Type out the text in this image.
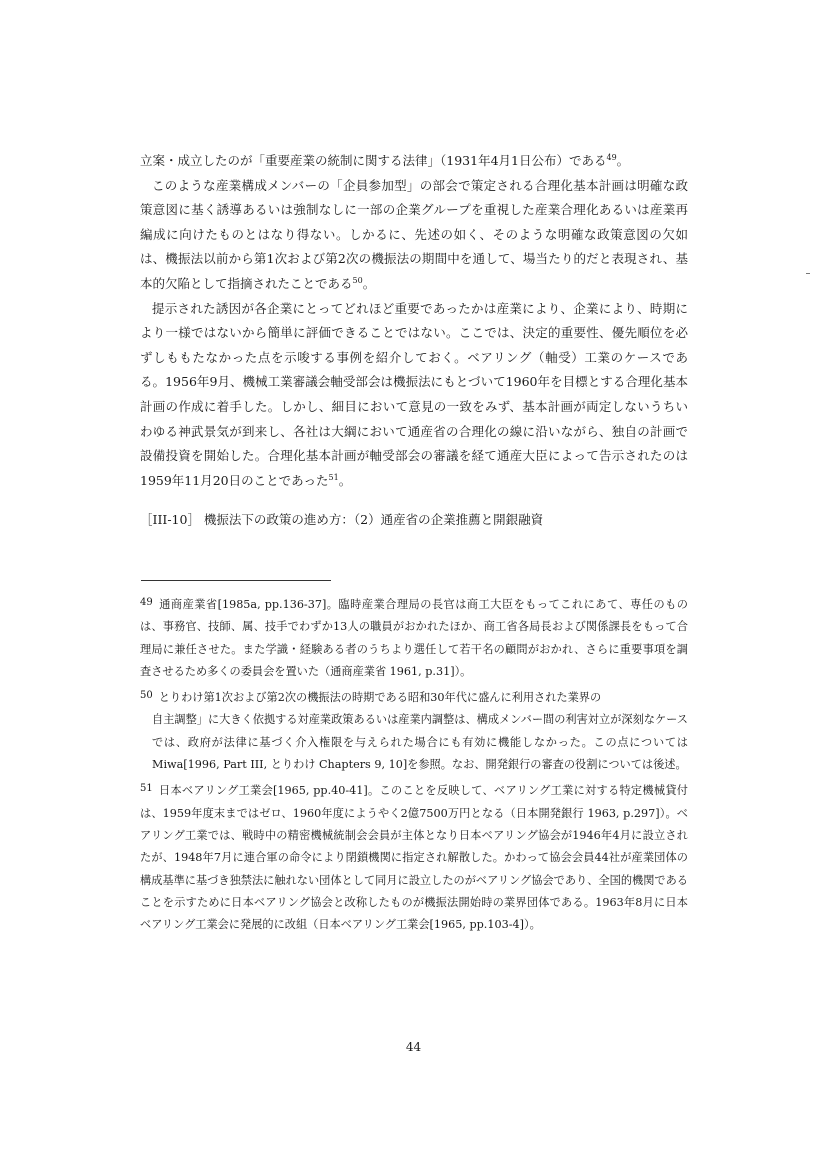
立案・成立したのが「重要産業の統制に関する法律」（1931年4月1日公布）である$^{49}$。

このような産業構成メンバーの「企員参加型」の部会で策定される合理化基本計画は明確な政策意図に基く誘導あるいは強制なしに一部の企業グループを重視した産業合理化あるいは産業再編成に向けたものとはなり得ない。しかるに、先述の如く、そのような明確な政策意図の欠如は、機振法以前から第1次および第2次の機振法の期間中を通して、場当たり的だと表現され、基本的欠陥として指摘されたことである$^{50}$。

提示された誘因が各企業にとってどれほど重要であったかは産業により、企業により、時期により一様ではないから簡単に評価できることではない。ここでは、決定的重要性、優先順位を必ずしももたなかった点を示唆する事例を紹介しておく。ベアリング（軸受）工業のケースである。1956年9月、機械工業審議会軸受部会は機振法にもとづいて1960年を目標とする合理化基本計画の作成に着手した。しかし、細目において意見の一致をみず、基本計画が両定しないうちいわゆる神武景気が到来し、各社は大綱において通産省の合理化の線に沿いながら、独自の計画で設備投資を開始した。合理化基本計画が軸受部会の審議を経て通産大臣によって告示されたのは1959年11月20日のことであった$^{51}$。

［III-10］ 機振法下の政策の進め方：（2）通産省の企業推薦と開銀融資
49 通商産業省[1985a, pp.136-37]。臨時産業合理局の長官は商工大臣をもってこれにあて、専任のものは、事務官、技師、属、技手でわずか13人の職員がおかれたほか、商工省各局長および関係課長をもって合理局に兼任させた。また学識・経験ある者のうちより選任して若干名の顧問がおかれ、さらに重要事項を調査させるため多くの委員会を置いた（通商産業省 1961, p.31]）。
50 とりわけ第1次および第2次の機振法の時期である昭和30年代に盛んに利用された業界の
自主調整」に大きく依拠する対産業政策あるいは産業内調整は、構成メンバー間の利害対立が深刻なケースでは、政府が法律に基づく介入権限を与えられた場合にも有効に機能しなかった。この点については Miwa[1996, Part III, とりわけ Chapters 9, 10]を参照。なお、開発銀行の審査の役割については後述。
51 日本ベアリング工業会[1965, pp.40-41]。このことを反映して、ベアリング工業に対する特定機械貸付は、1959年度末まではゼロ、1960年度にようやく2億7500万円となる（日本開発銀行 1963, p.297]）。ベアリング工業では、戦時中の精密機械統制会会員が主体となり日本ベアリング協会が1946年4月に設立されたが、1948年7月に連合軍の命令により閉鎖機関に指定され解散した。かわって協会会員44社が産業団体の構成基準に基づき独禁法に触れない団体として同月に設立したのがベアリング協会であり、全国的機関であることを示すために日本ベアリング協会と改称したものが機振法開始時の業界団体である。1963年8月に日本ベアリング工業会に発展的に改組（日本ベアリング工業会[1965, pp.103-4]）。
44
